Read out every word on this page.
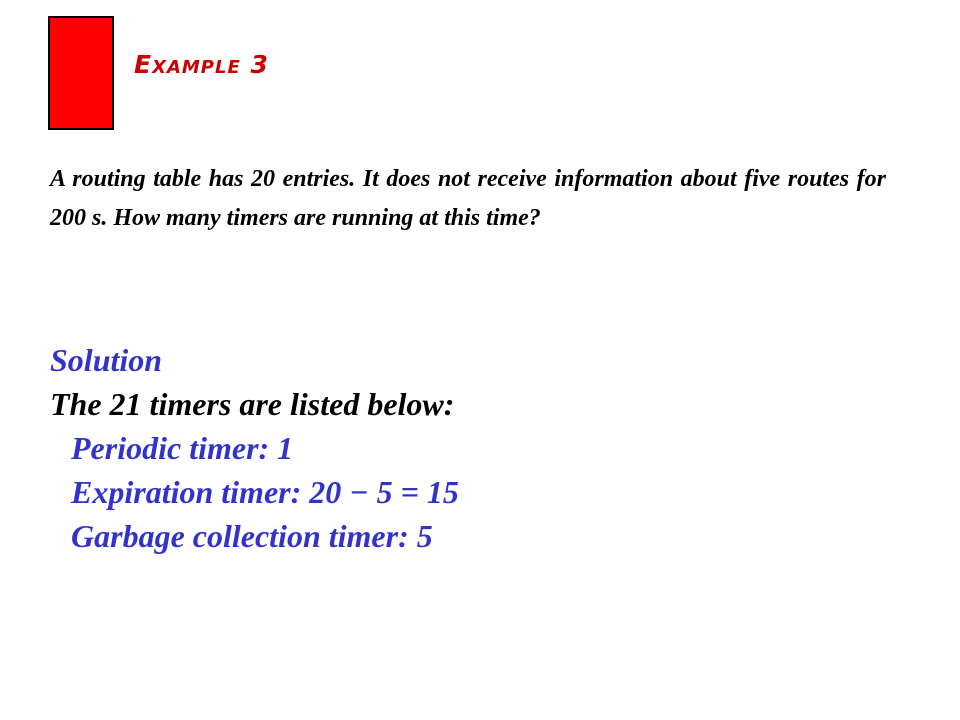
Example 3

A routing table has 20 entries. It does not receive information about five routes for 200 s. How many timers are running at this time?

Solution
The 21 timers are listed below:
Periodic timer: 1
Expiration timer: 20 − 5 = 15
Garbage collection timer: 5
